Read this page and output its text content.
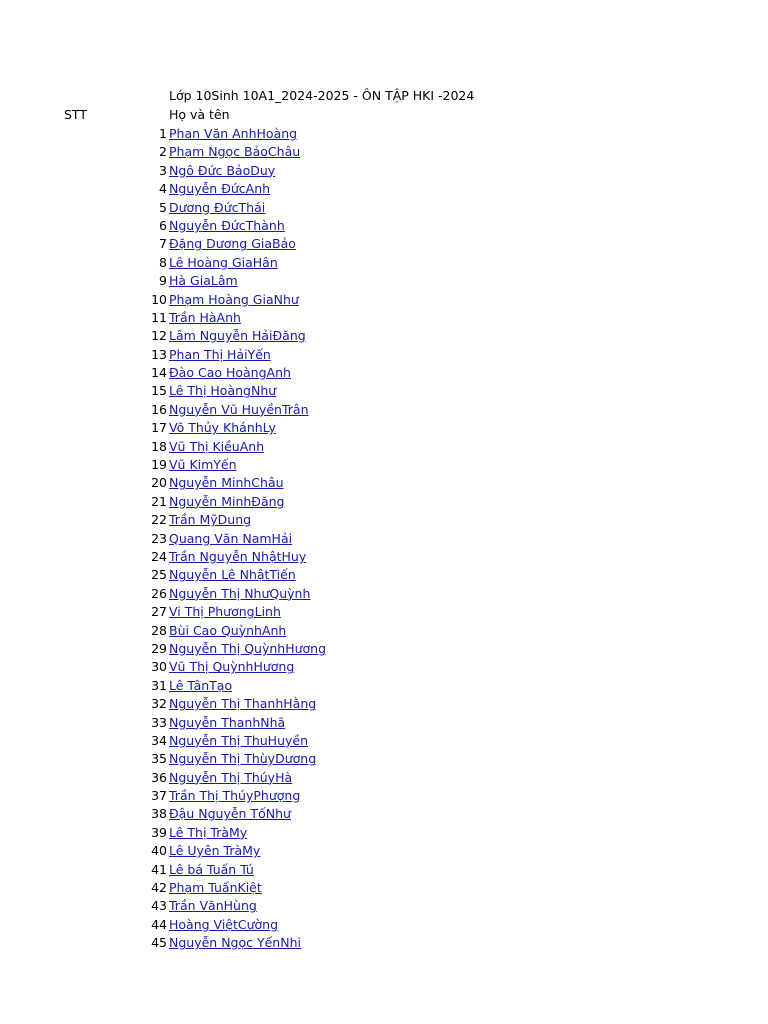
Lớp 10Sinh 10A1_2024-2025 - ÔN TẬP HKI -2024
STT	Họ và tên
1 Phan Văn AnhHoàng
2 Phạm Ngọc BảoChâu
3 Ngô Đức BảoDuy
4 Nguyễn ĐứcAnh
5 Dương ĐứcThái
6 Nguyễn ĐứcThành
7 Đặng Dương GiaBảo
8 Lê Hoàng GiaHân
9 Hà GiaLâm
10 Phạm Hoàng GiaNhư
11 Trần HàAnh
12 Lâm Nguyễn HảiĐăng
13 Phan Thị HảiYến
14 Đào Cao HoàngAnh
15 Lê Thị HoàngNhư
16 Nguyễn Vũ HuyềnTrân
17 Võ Thủy KhánhLy
18 Vũ Thị KiềuAnh
19 Vũ KimYến
20 Nguyễn MinhChâu
21 Nguyễn MinhĐăng
22 Trần MỹDung
23 Quang Văn NamHải
24 Trần Nguyễn NhậtHuy
25 Nguyễn Lê NhậtTiến
26 Nguyễn Thị NhưQuỳnh
27 Vi Thị PhươngLinh
28 Bùi Cao QuỳnhAnh
29 Nguyễn Thị QuỳnhHương
30 Vũ Thị QuỳnhHương
31 Lê TânTạo
32 Nguyễn Thị ThanhHằng
33 Nguyễn ThanhNhã
34 Nguyễn Thị ThuHuyền
35 Nguyễn Thị ThùyDương
36 Nguyễn Thị ThúyHà
37 Trần Thị ThúyPhượng
38 Đậu Nguyễn TốNhư
39 Lê Thị TràMy
40 Lê Uyên TràMy
41 Lê bá Tuấn Tú
42 Phạm TuấnKiệt
43 Trần VănHùng
44 Hoàng ViệtCường
45 Nguyễn Ngọc YếnNhi
